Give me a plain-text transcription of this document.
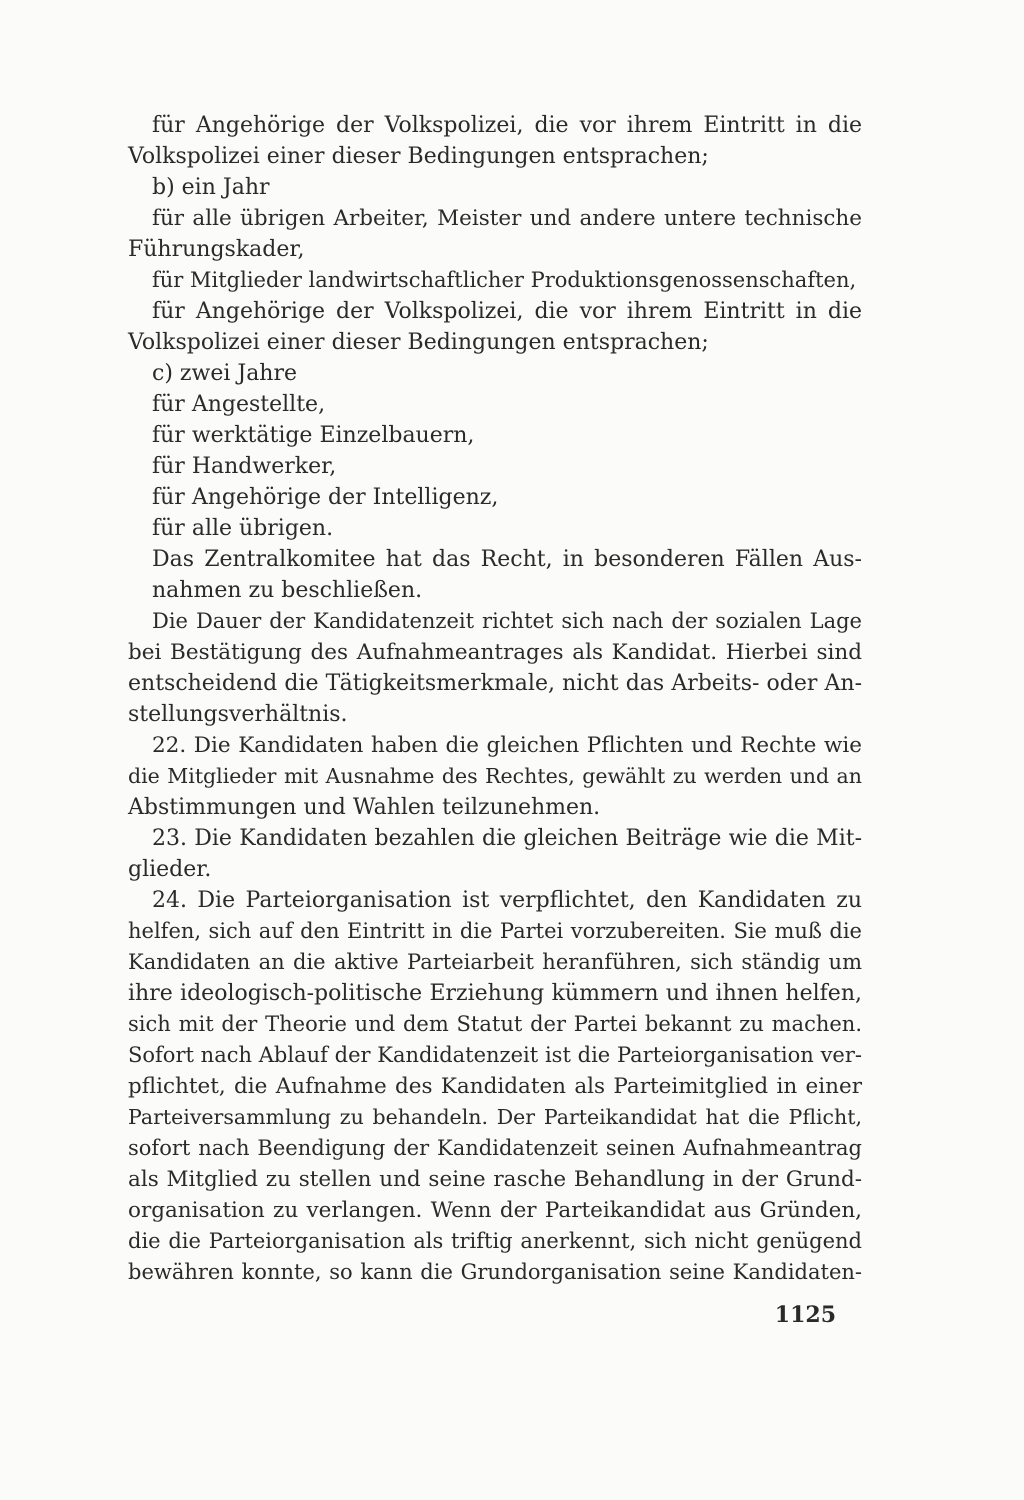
für Angehörige der Volkspolizei, die vor ihrem Eintritt in die
Volkspolizei einer dieser Bedingungen entsprachen;
b) ein Jahr
für alle übrigen Arbeiter, Meister und andere untere technische
Führungskader,
für Mitglieder landwirtschaftlicher Produktionsgenossenschaften,
für Angehörige der Volkspolizei, die vor ihrem Eintritt in die
Volkspolizei einer dieser Bedingungen entsprachen;
c) zwei Jahre
für Angestellte,
für werktätige Einzelbauern,
für Handwerker,
für Angehörige der Intelligenz,
für alle übrigen.
Das Zentralkomitee hat das Recht, in besonderen Fällen Aus-
nahmen zu beschließen.
Die Dauer der Kandidatenzeit richtet sich nach der sozialen Lage
bei Bestätigung des Aufnahmeantrages als Kandidat. Hierbei sind
entscheidend die Tätigkeitsmerkmale, nicht das Arbeits- oder An-
stellungsverhältnis.
22. Die Kandidaten haben die gleichen Pflichten und Rechte wie
die Mitglieder mit Ausnahme des Rechtes, gewählt zu werden und an
Abstimmungen und Wahlen teilzunehmen.
23. Die Kandidaten bezahlen die gleichen Beiträge wie die Mit-
glieder.
24. Die Parteiorganisation ist verpflichtet, den Kandidaten zu
helfen, sich auf den Eintritt in die Partei vorzubereiten. Sie muß die
Kandidaten an die aktive Parteiarbeit heranführen, sich ständig um
ihre ideologisch-politische Erziehung kümmern und ihnen helfen,
sich mit der Theorie und dem Statut der Partei bekannt zu machen.
Sofort nach Ablauf der Kandidatenzeit ist die Parteiorganisation ver-
pflichtet, die Aufnahme des Kandidaten als Parteimitglied in einer
Parteiversammlung zu behandeln. Der Parteikandidat hat die Pflicht,
sofort nach Beendigung der Kandidatenzeit seinen Aufnahmeantrag
als Mitglied zu stellen und seine rasche Behandlung in der Grund-
organisation zu verlangen. Wenn der Parteikandidat aus Gründen,
die die Parteiorganisation als triftig anerkennt, sich nicht genügend
bewähren konnte, so kann die Grundorganisation seine Kandidaten-
1125
